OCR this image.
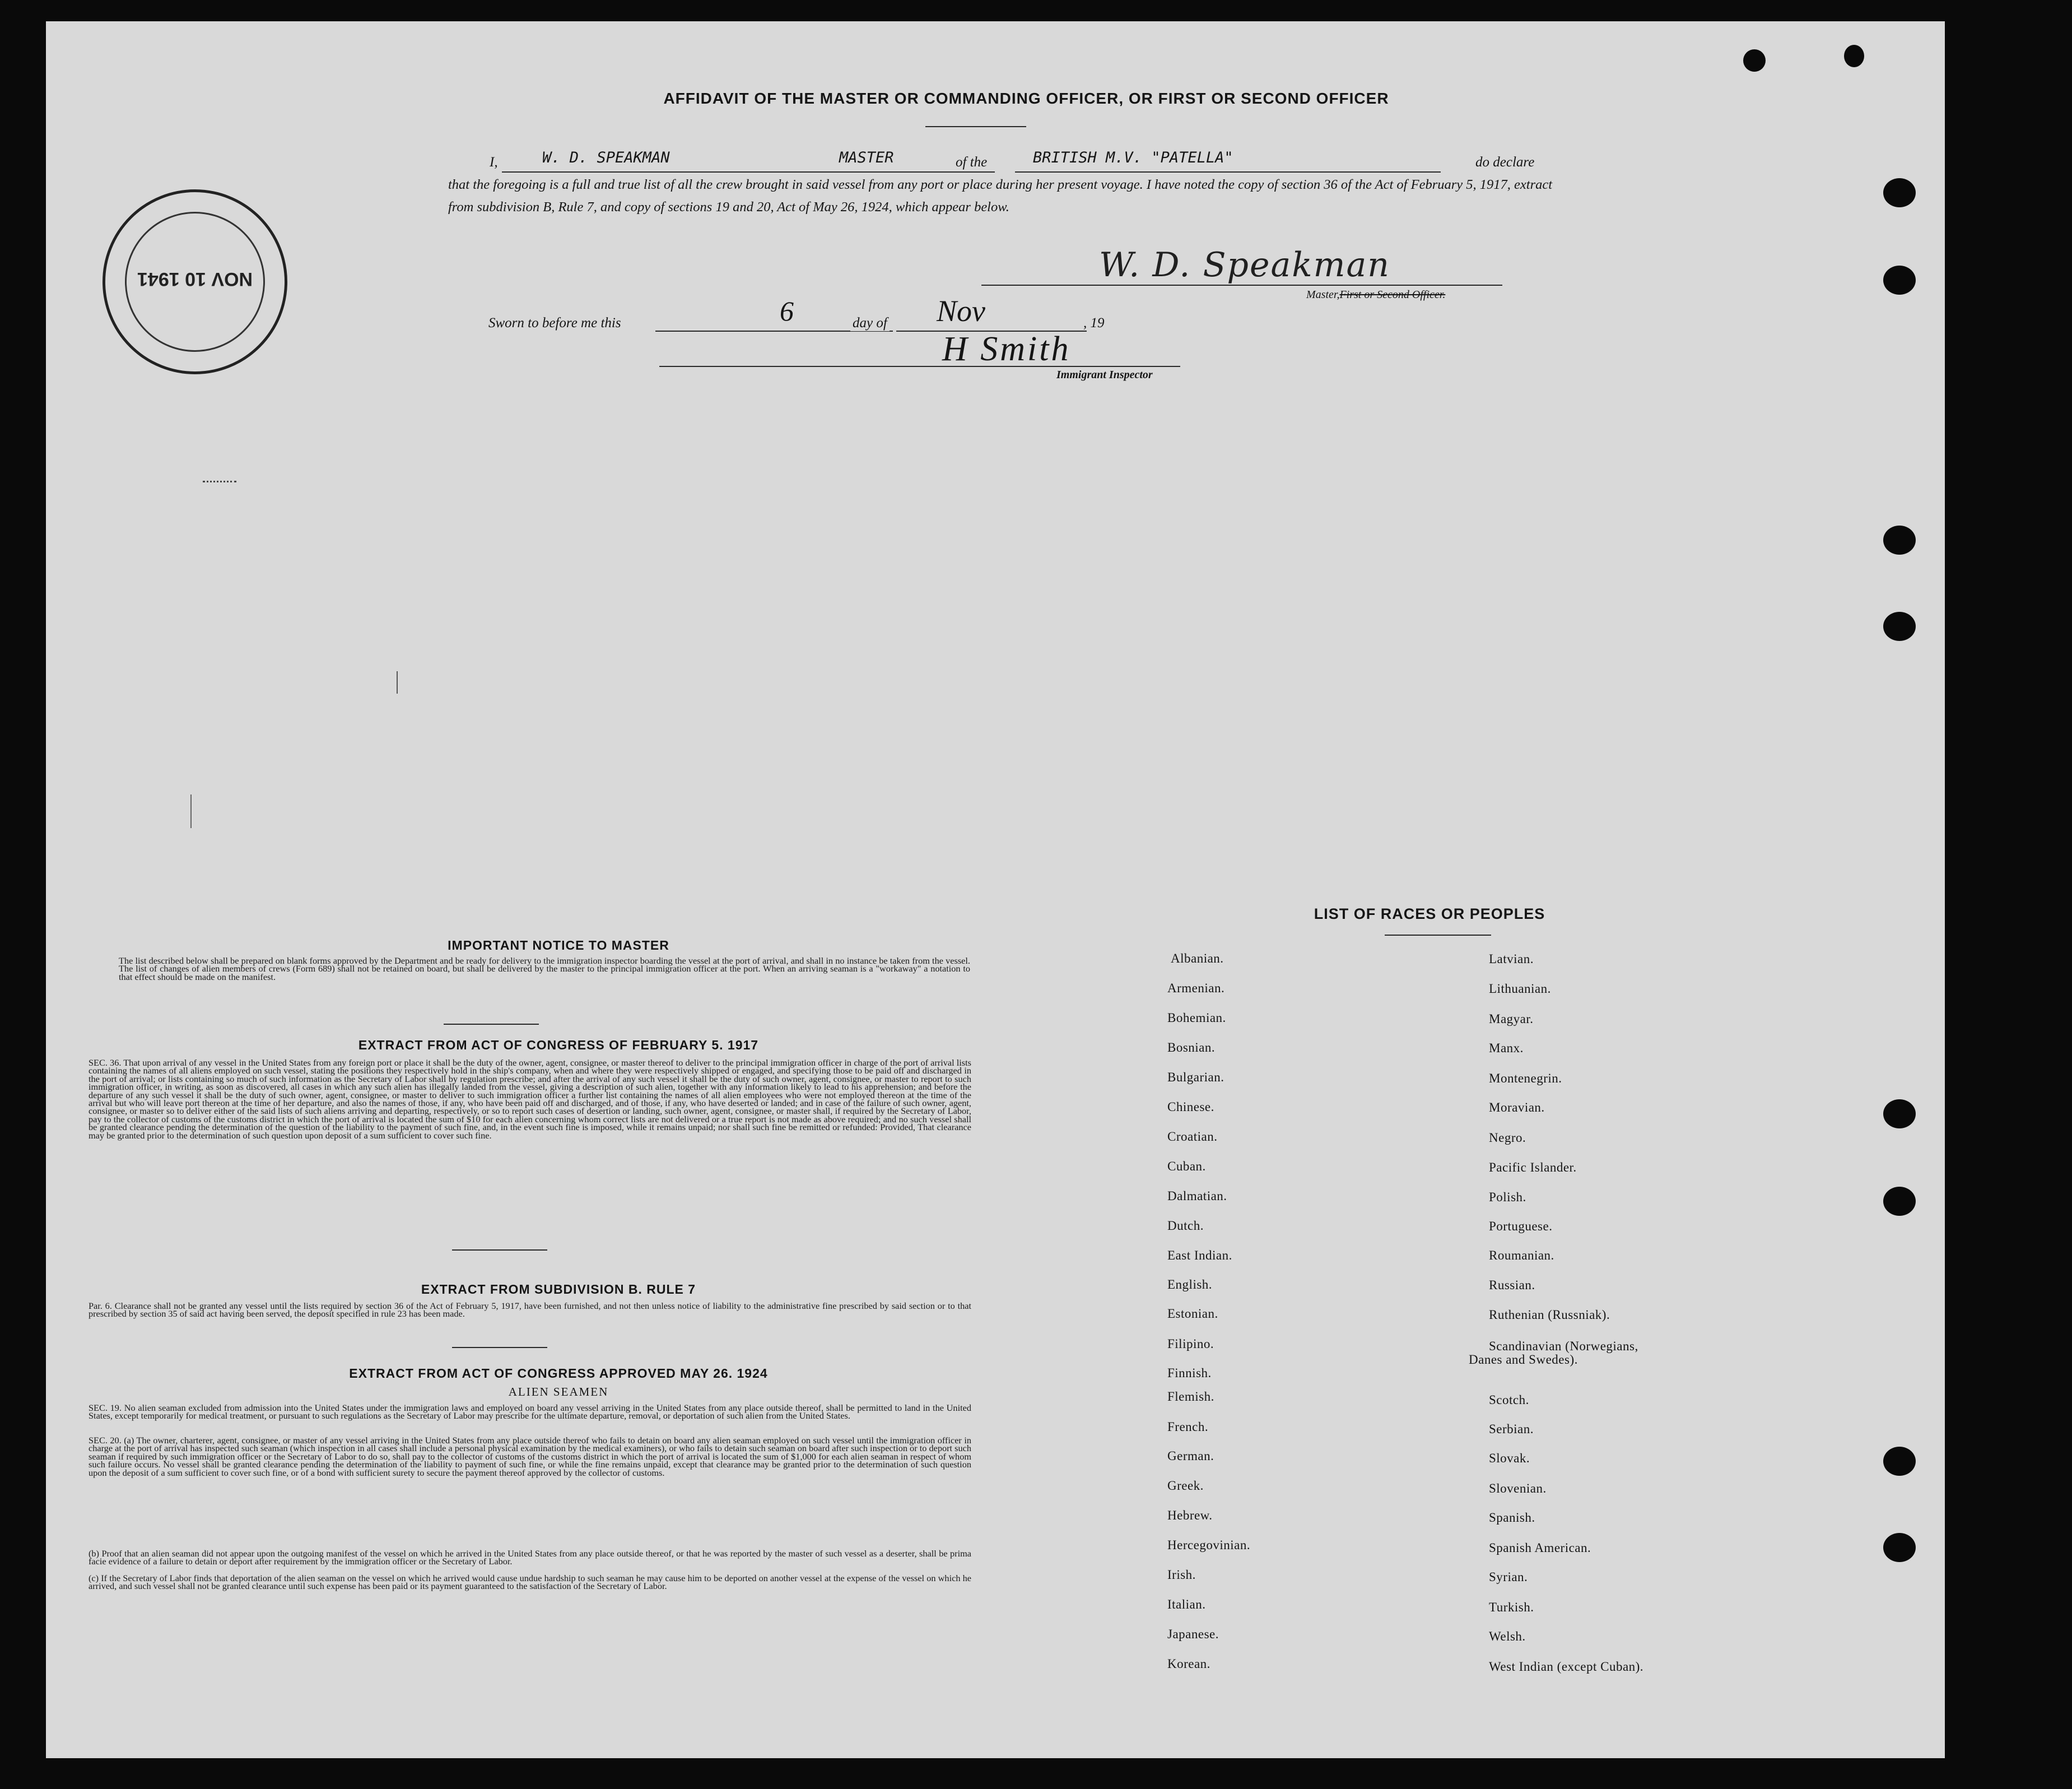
AFFIDAVIT OF THE MASTER OR COMMANDING OFFICER, OR FIRST OR SECOND OFFICER
I,	W. D. SPEAKMAN	MASTER	of the	BRITISH M.V. "PATELLA"	do declare
that the foregoing is a full and true list of all the crew brought in said vessel from any port or place during her present voyage. I have noted the copy of section 36 of the Act of February 5, 1917, extract from subdivision B, Rule 7, and copy of sections 19 and 20, Act of May 26, 1924, which appear below.
W. D. Speakman
Master,First or Second Officer.
Sworn to before me this	6	day of Nov	, 19
H Smith
Immigrant Inspector
NOV 10 1941
IMPORTANT NOTICE TO MASTER
The list described below shall be prepared on blank forms approved by the Department and be ready for delivery to the immigration inspector boarding the vessel at the port of arrival, and shall in no instance be taken from the vessel. The list of changes of alien members of crews (Form 689) shall not be retained on board, but shall be delivered by the master to the principal immigration officer at the port. When an arriving seaman is a "workaway" a notation to that effect should be made on the manifest.
EXTRACT FROM ACT OF CONGRESS OF FEBRUARY 5. 1917
SEC. 36. That upon arrival of any vessel in the United States from any foreign port or place it shall be the duty of the owner, agent, consignee, or master thereof to deliver to the principal immigration officer in charge of the port of arrival lists containing the names of all aliens employed on such vessel, stating the positions they respectively hold in the ship's company, when and where they were respectively shipped or engaged, and specifying those to be paid off and discharged in the port of arrival; or lists containing so much of such information as the Secretary of Labor shall by regulation prescribe; and after the arrival of any such vessel it shall be the duty of such owner, agent, consignee, or master to report to such immigration officer, in writing, as soon as discovered, all cases in which any such alien has illegally landed from the vessel, giving a description of such alien, together with any information likely to lead to his apprehension; and before the departure of any such vessel it shall be the duty of such owner, agent, consignee, or master to deliver to such immigration officer a further list containing the names of all alien employees who were not employed thereon at the time of the arrival but who will leave port thereon at the time of her departure, and also the names of those, if any, who have been paid off and discharged, and of those, if any, who have deserted or landed; and in case of the failure of such owner, agent, consignee, or master so to deliver either of the said lists of such aliens arriving and departing, respectively, or so to report such cases of desertion or landing, such owner, agent, consignee, or master shall, if required by the Secretary of Labor, pay to the collector of customs of the customs district in which the port of arrival is located the sum of $10 for each alien concerning whom correct lists are not delivered or a true report is not made as above required; and no such vessel shall be granted clearance pending the determination of the question of the liability to the payment of such fine, and, in the event such fine is imposed, while it remains unpaid; nor shall such fine be remitted or refunded: Provided, That clearance may be granted prior to the determination of such question upon deposit of a sum sufficient to cover such fine.
EXTRACT FROM SUBDIVISION B. RULE 7
Par. 6. Clearance shall not be granted any vessel until the lists required by section 36 of the Act of February 5, 1917, have been furnished, and not then unless notice of liability to the administrative fine prescribed by said section or to that prescribed by section 35 of said act having been served, the deposit specified in rule 23 has been made.
EXTRACT FROM ACT OF CONGRESS APPROVED MAY 26. 1924
ALIEN SEAMEN
SEC. 19. No alien seaman excluded from admission into the United States under the immigration laws and employed on board any vessel arriving in the United States from any place outside thereof, shall be permitted to land in the United States, except temporarily for medical treatment, or pursuant to such regulations as the Secretary of Labor may prescribe for the ultimate departure, removal, or deportation of such alien from the United States.
SEC. 20. (a) The owner, charterer, agent, consignee, or master of any vessel arriving in the United States from any place outside thereof who fails to detain on board any alien seaman employed on such vessel until the immigration officer in charge at the port of arrival has inspected such seaman (which inspection in all cases shall include a personal physical examination by the medical examiners), or who fails to detain such seaman on board after such inspection or to deport such seaman if required by such immigration officer or the Secretary of Labor to do so, shall pay to the collector of customs of the customs district in which the port of arrival is located the sum of $1,000 for each alien seaman in respect of whom such failure occurs. No vessel shall be granted clearance pending the determination of the liability to payment of such fine, or while the fine remains unpaid, except that clearance may be granted prior to the determination of such question upon the deposit of a sum sufficient to cover such fine, or of a bond with sufficient surety to secure the payment thereof approved by the collector of customs.
(b) Proof that an alien seaman did not appear upon the outgoing manifest of the vessel on which he arrived in the United States from any place outside thereof, or that he was reported by the master of such vessel as a deserter, shall be prima facie evidence of a failure to detain or deport after requirement by the immigration officer or the Secretary of Labor.
(c) If the Secretary of Labor finds that deportation of the alien seaman on the vessel on which he arrived would cause undue hardship to such seaman he may cause him to be deported on another vessel at the expense of the vessel on which he arrived, and such vessel shall not be granted clearance until such expense has been paid or its payment guaranteed to the satisfaction of the Secretary of Labor.
LIST OF RACES OR PEOPLES
Albanian.
Armenian.
Bohemian.
Bosnian.
Bulgarian.
Chinese.
Croatian.
Cuban.
Dalmatian.
Dutch.
East Indian.
English.
Estonian.
Filipino.
Finnish.
Flemish.
French.
German.
Greek.
Hebrew.
Hercegovinian.
Irish.
Italian.
Japanese.
Korean.
Latvian.
Lithuanian.
Magyar.
Manx.
Montenegrin.
Moravian.
Negro.
Pacific Islander.
Polish.
Portuguese.
Roumanian.
Russian.
Ruthenian (Russniak).
Scandinavian (Norwegians,
Danes and Swedes).
Scotch.
Serbian.
Slovak.
Slovenian.
Spanish.
Spanish American.
Syrian.
Turkish.
Welsh.
West Indian (except Cuban).
